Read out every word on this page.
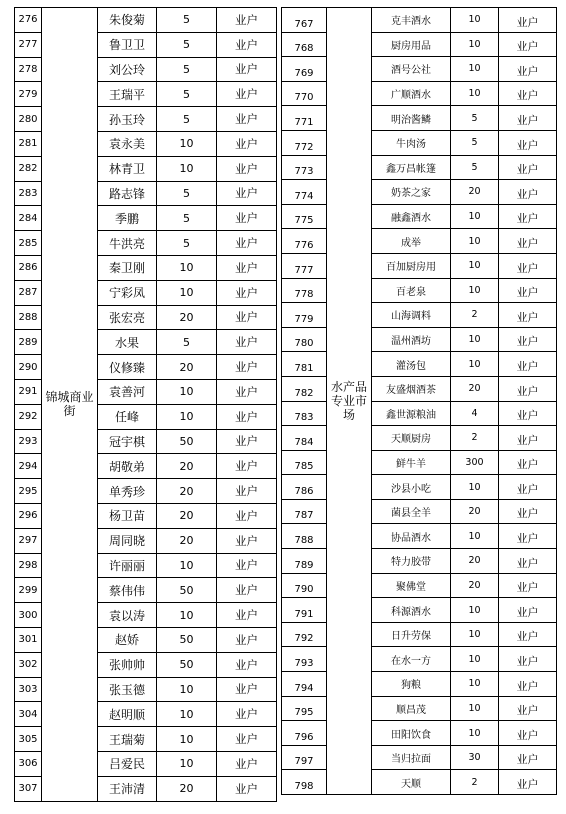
276	锦城商业街	朱俊菊	5	业户
277		鲁卫卫	5	业户
278		刘公玲	5	业户
279		王瑞平	5	业户
280		孙玉玲	5	业户
281		袁永美	10	业户
282		林青卫	10	业户
283		路志锋	5	业户
284		季鹏	5	业户
285		牛洪亮	5	业户
286		秦卫刚	10	业户
287		宁彩凤	10	业户
288		张宏亮	20	业户
289		水果	5	业户
290		仪修臻	20	业户
291		袁善河	10	业户
292		任峰	10	业户
293		冠宇棋	50	业户
294		胡敬弟	20	业户
295		单秀珍	20	业户
296		杨卫苗	20	业户
297		周同晓	20	业户
298		许丽丽	10	业户
299		蔡伟伟	50	业户
300		袁以涛	10	业户
301		赵娇	50	业户
302		张帅帅	50	业户
303		张玉德	10	业户
304		赵明顺	10	业户
305		王瑞菊	10	业户
306		吕爱民	10	业户
307		王沛清	20	业户
767	水产品专业市场	克丰酒水	10	业户
768		厨房用品	10	业户
769		酒号公社	10	业户
770		广顺酒水	10	业户
771		明治酱鳞	5	业户
772		牛肉汤	5	业户
773		鑫万昌帐篷	5	业户
774		奶茶之家	20	业户
775		融鑫酒水	10	业户
776		成举	10	业户
777		百加厨房用	10	业户
778		百老泉	10	业户
779		山海调料	2	业户
780		温州酒坊	10	业户
781		灌汤包	10	业户
782		友盛烟酒茶	20	业户
783		鑫世源粮油	4	业户
784		天顺厨房	2	业户
785		鲜牛羊	300	业户
786		沙县小吃	10	业户
787		菌县全羊	20	业户
788		协品酒水	10	业户
789		特力胶带	20	业户
790		聚佛堂	20	业户
791		科源酒水	10	业户
792		日升劳保	10	业户
793		在水一方	10	业户
794		狗粮	10	业户
795		顺昌茂	10	业户
796		田阳饮食	10	业户
797		当归拉面	30	业户
798		天顺	2	业户
